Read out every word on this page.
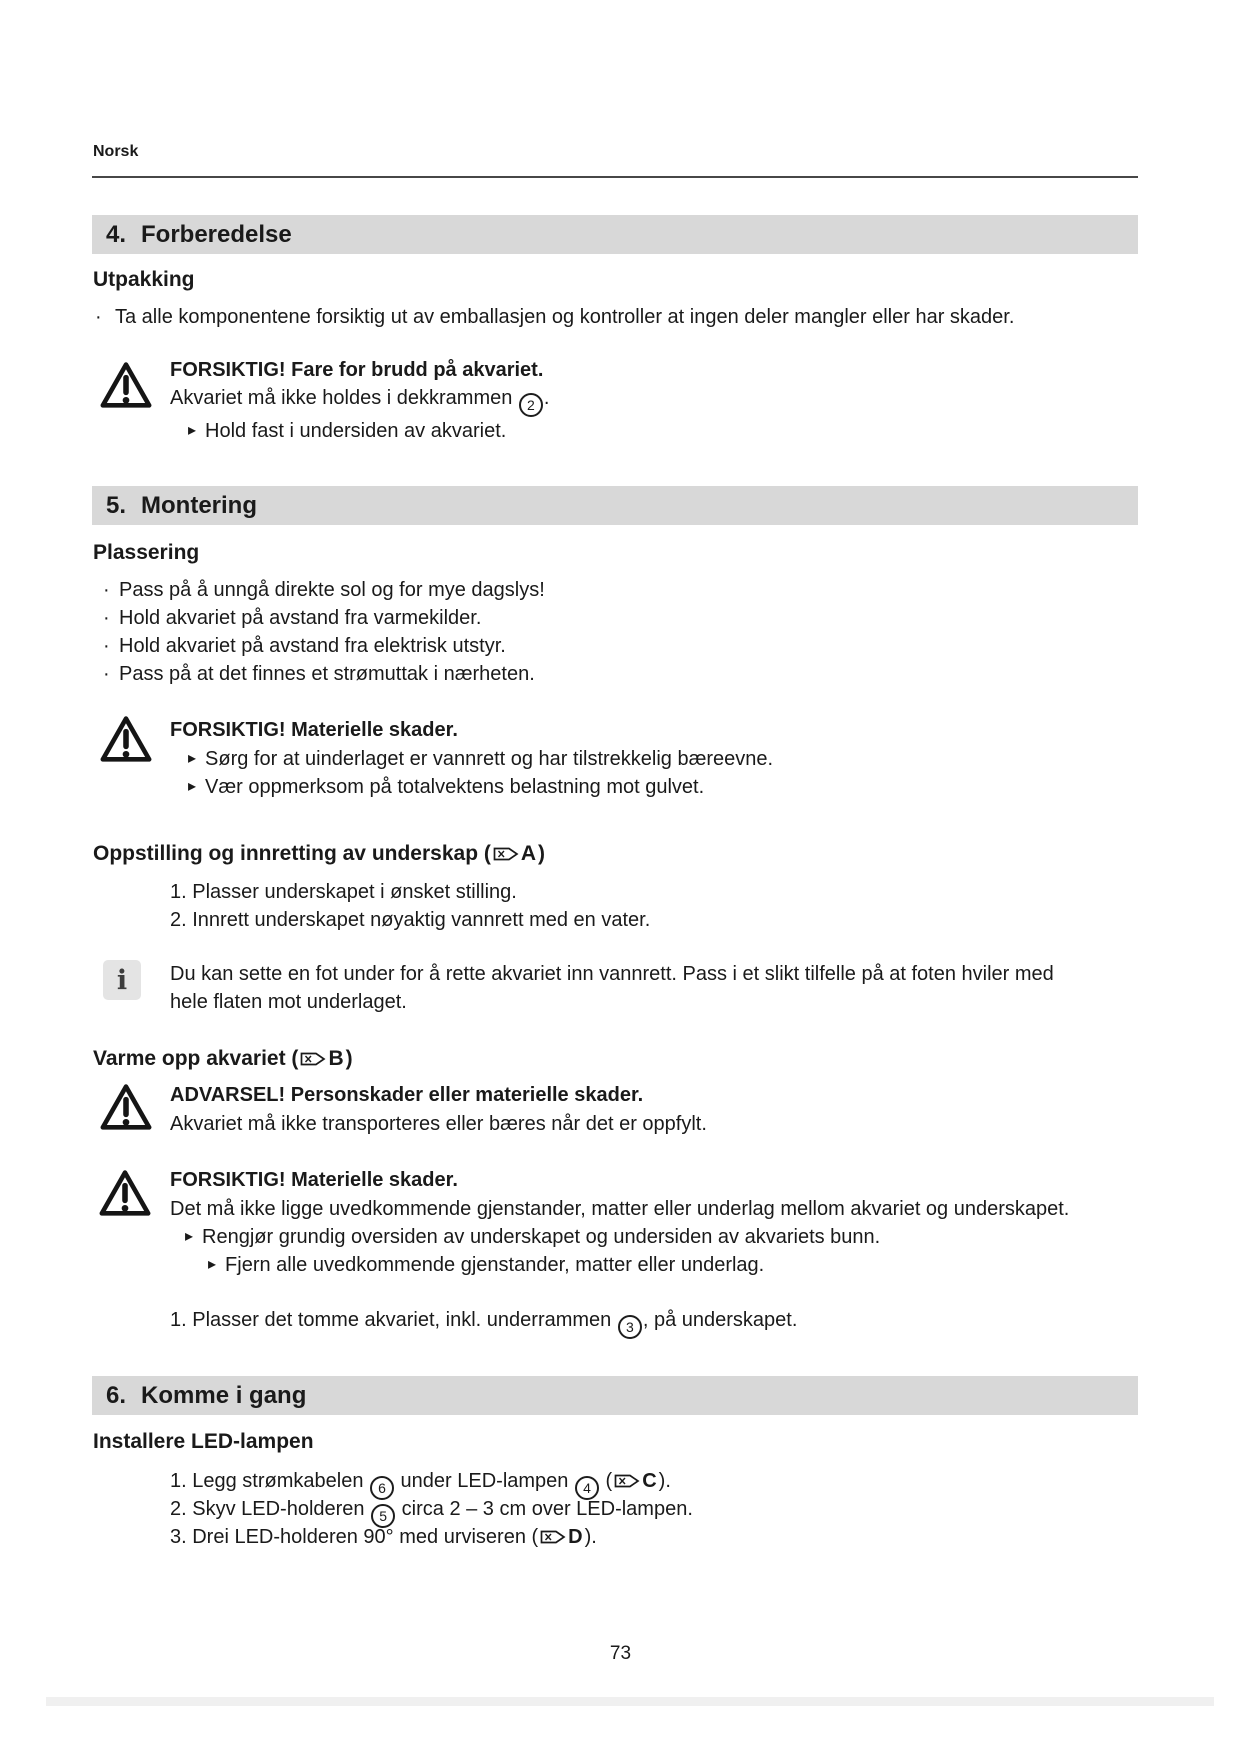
Norsk
4. Forberedelse
Utpakking
· Ta alle komponentene forsiktig ut av emballasjen og kontroller at ingen deler mangler eller har skader.
FORSIKTIG! Fare for brudd på akvariet.
Akvariet må ikke holdes i dekkrammen 2 .
▸ Hold fast i undersiden av akvariet.
5. Montering
Plassering
· Pass på å unngå direkte sol og for mye dagslys!
· Hold akvariet på avstand fra varmekilder.
· Hold akvariet på avstand fra elektrisk utstyr.
· Pass på at det finnes et strømuttak i nærheten.
FORSIKTIG! Materielle skader.
▸ Sørg for at uinderlaget er vannrett og har tilstrekkelig bæreevne.
▸ Vær oppmerksom på totalvektens belastning mot gulvet.
Oppstilling og innretting av underskap ( A)
1. Plasser underskapet i ønsket stilling.
2. Innrett underskapet nøyaktig vannrett med en vater.
i	Du kan sette en fot under for å rette akvariet inn vannrett. Pass i et slikt tilfelle på at foten hviler med
hele flaten mot underlaget.
Varme opp akvariet ( B)
ADVARSEL! Personskader eller materielle skader.
Akvariet må ikke transporteres eller bæres når det er oppfylt.
FORSIKTIG! Materielle skader.
Det må ikke ligge uvedkommende gjenstander, matter eller underlag mellom akvariet og underskapet.
▸ Rengjør grundig oversiden av underskapet og undersiden av akvariets bunn.
▸ Fjern alle uvedkommende gjenstander, matter eller underlag.
1. Plasser det tomme akvariet, inkl. underrammen 3 , på underskapet.
6. Komme i gang
Installere LED-lampen
1. Legg strømkabelen 6 under LED-lampen 4 ( C ).
2. Skyv LED-holderen 5 circa 2 – 3 cm over LED-lampen.
3. Drei LED-holderen 90° med urviseren ( D ).
73
